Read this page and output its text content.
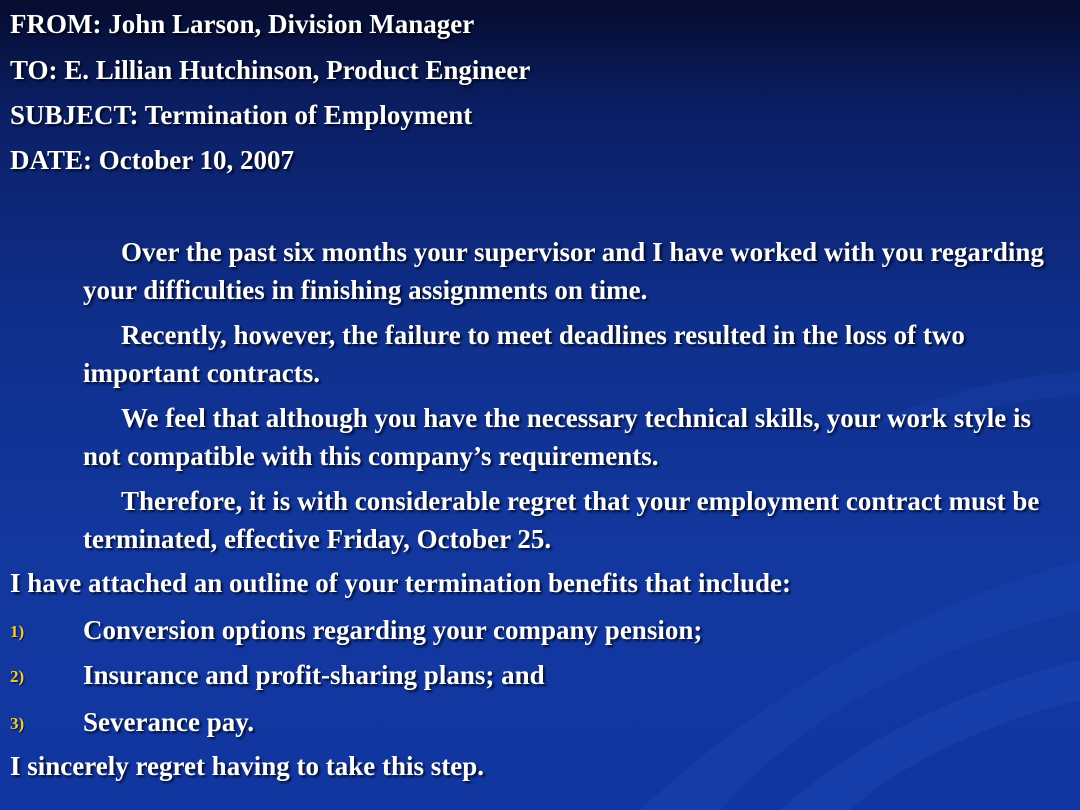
FROM: John Larson, Division Manager
TO: E. Lillian Hutchinson, Product Engineer
SUBJECT: Termination of Employment
DATE: October 10, 2007
Over the past six months your supervisor and I have worked with you regarding your difficulties in finishing assignments on time.
Recently, however, the failure to meet deadlines resulted in the loss of two important contracts.
We feel that although you have the necessary technical skills, your work style is not compatible with this company’s requirements.
Therefore, it is with considerable regret that your employment contract must be terminated, effective Friday, October 25.
I have attached an outline of your termination benefits that include:
1) Conversion options regarding your company pension;
2) Insurance and profit-sharing plans; and
3) Severance pay.
I sincerely regret having to take this step.
